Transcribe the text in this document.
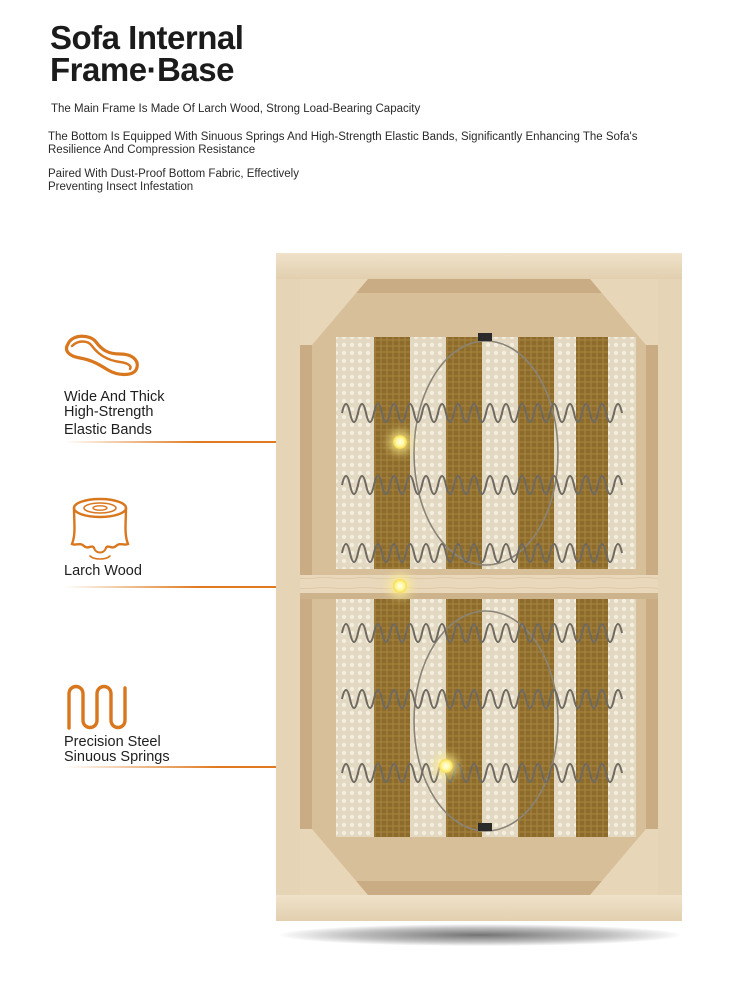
Sofa Internal
Frame·Base

The Main Frame Is Made Of Larch Wood, Strong Load-Bearing Capacity

The Bottom Is Equipped With Sinuous Springs And High-Strength Elastic Bands, Significantly Enhancing The Sofa's Resilience And Compression Resistance

Paired With Dust-Proof Bottom Fabric, Effectively Preventing Insect Infestation

Wide And Thick
High-Strength
Elastic Bands
Larch Wood
Precision Steel
Sinuous Springs
